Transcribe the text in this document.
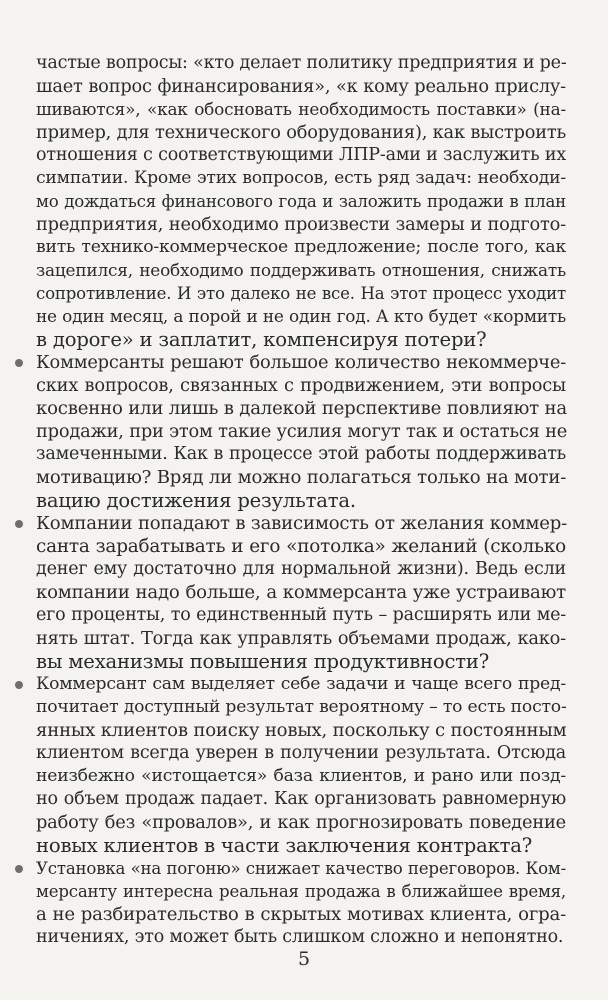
частые вопросы: «кто делает политику предприятия и ре-
шает вопрос финансирования», «к кому реально прислу-
шиваются», «как обосновать необходимость поставки» (на-
пример, для технического оборудования), как выстроить
отношения с соответствующими ЛПР-ами и заслужить их
симпатии. Кроме этих вопросов, есть ряд задач: необходи-
мо дождаться финансового года и заложить продажи в план
предприятия, необходимо произвести замеры и подгото-
вить технико-коммерческое предложение; после того, как
зацепился, необходимо поддерживать отношения, снижать
сопротивление. И это далеко не все. На этот процесс уходит
не один месяц, а порой и не один год. А кто будет «кормить
в дороге» и заплатит, компенсируя потери?
Коммерсанты решают большое количество некоммерче-
ских вопросов, связанных с продвижением, эти вопросы
косвенно или лишь в далекой перспективе повлияют на
продажи, при этом такие усилия могут так и остаться не
замеченными. Как в процессе этой работы поддерживать
мотивацию? Вряд ли можно полагаться только на моти-
вацию достижения результата.
Компании попадают в зависимость от желания коммер-
санта зарабатывать и его «потолка» желаний (сколько
денег ему достаточно для нормальной жизни). Ведь если
компании надо больше, а коммерсанта уже устраивают
его проценты, то единственный путь – расширять или ме-
нять штат. Тогда как управлять объемами продаж, како-
вы механизмы повышения продуктивности?
Коммерсант сам выделяет себе задачи и чаще всего пред-
почитает доступный результат вероятному – то есть посто-
янных клиентов поиску новых, поскольку с постоянным
клиентом всегда уверен в получении результата. Отсюда
неизбежно «истощается» база клиентов, и рано или позд-
но объем продаж падает. Как организовать равномерную
работу без «провалов», и как прогнозировать поведение
новых клиентов в части заключения контракта?
Установка «на погоню» снижает качество переговоров. Ком-
мерсанту интересна реальная продажа в ближайшее время,
а не разбирательство в скрытых мотивах клиента, огра-
ничениях, это может быть слишком сложно и непонятно.
5
